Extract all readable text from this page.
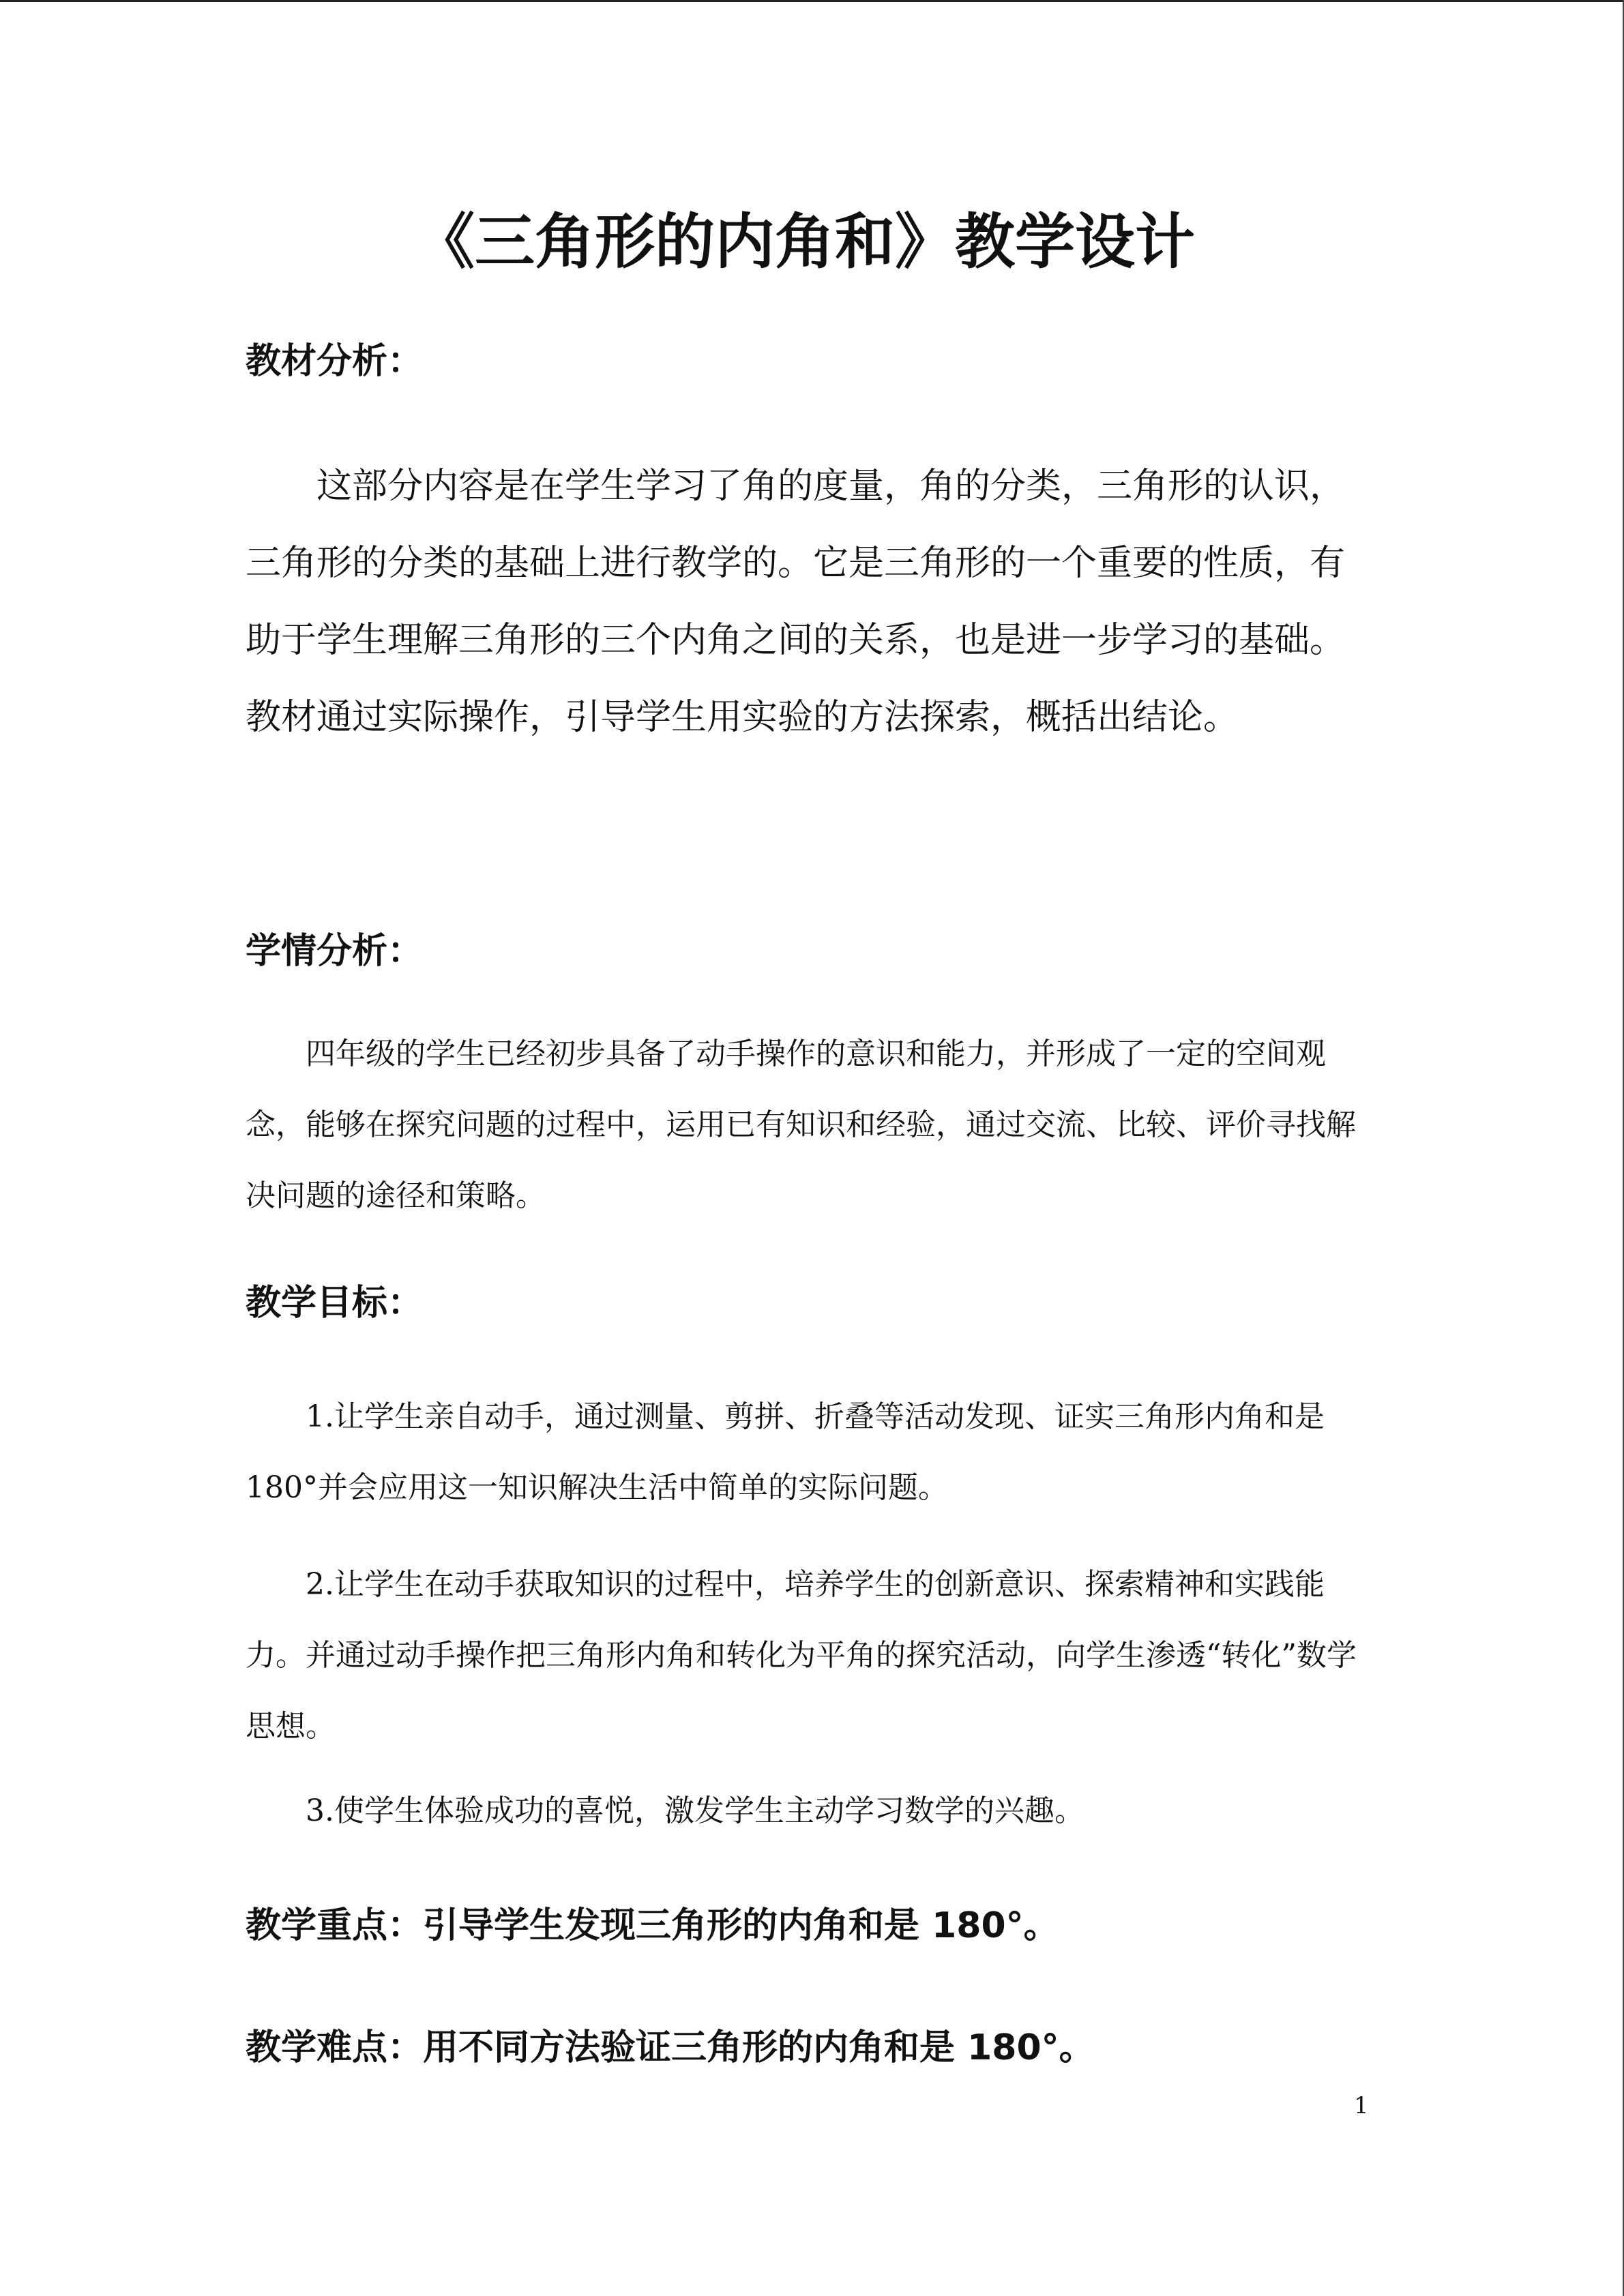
《三角形的内角和》教学设计
教材分析：

这部分内容是在学生学习了角的度量，角的分类，三角形的认识，三角形的分类的基础上进行教学的。它是三角形的一个重要的性质，有助于学生理解三角形的三个内角之间的关系，也是进一步学习的基础。教材通过实际操作，引导学生用实验的方法探索，概括出结论。

学情分析：

四年级的学生已经初步具备了动手操作的意识和能力，并形成了一定的空间观念，能够在探究问题的过程中，运用已有知识和经验，通过交流、比较、评价寻找解决问题的途径和策略。

教学目标：

1.让学生亲自动手，通过测量、剪拼、折叠等活动发现、证实三角形内角和是 180°并会应用这一知识解决生活中简单的实际问题。

2.让学生在动手获取知识的过程中，培养学生的创新意识、探索精神和实践能力。并通过动手操作把三角形内角和转化为平角的探究活动，向学生渗透“转化”数学思想。

3.使学生体验成功的喜悦，激发学生主动学习数学的兴趣。

教学重点：引导学生发现三角形的内角和是 180°。
教学难点：用不同方法验证三角形的内角和是 180°。

1
